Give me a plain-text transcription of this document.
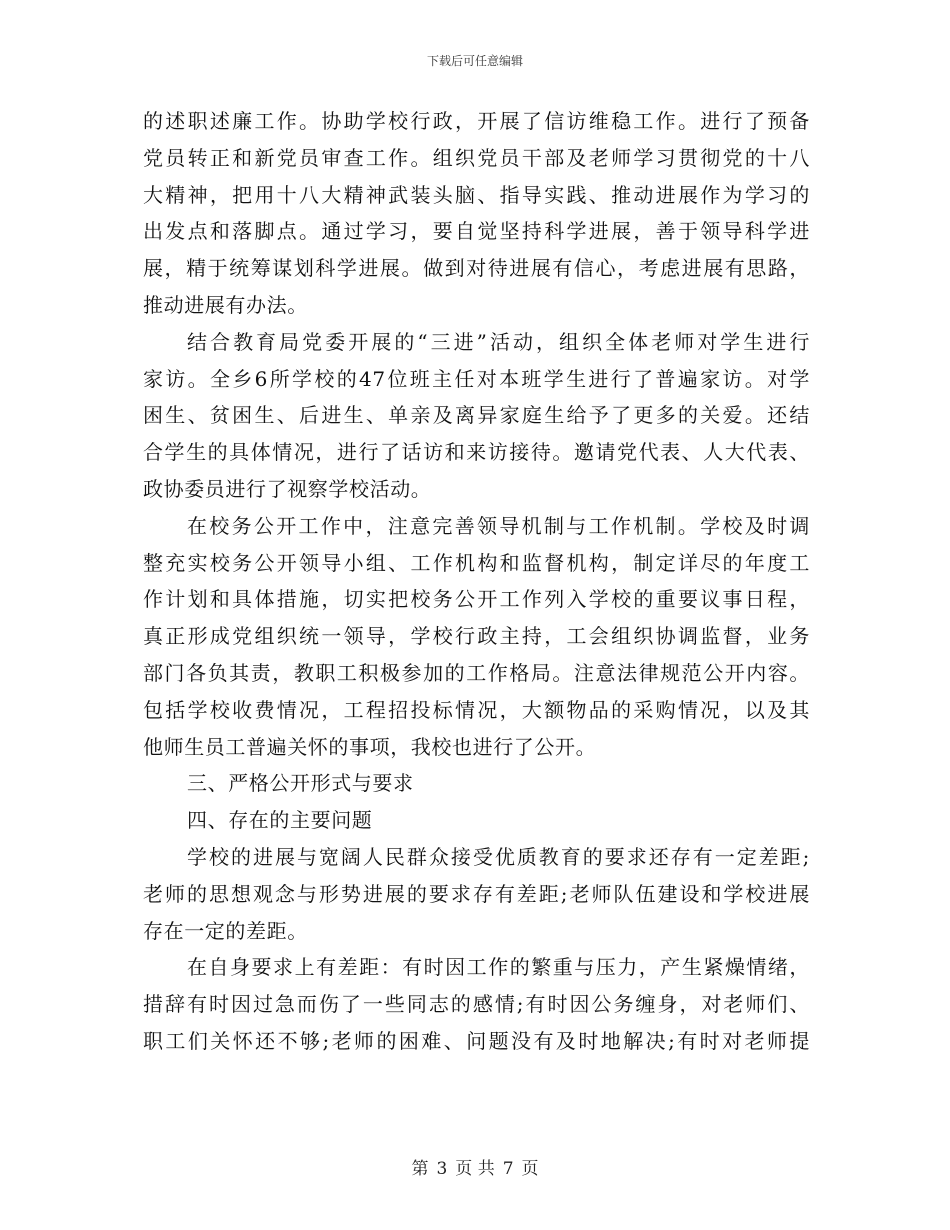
下载后可任意编辑
的述职述廉工作。协助学校行政，开展了信访维稳工作。进行了预备
党员转正和新党员审查工作。组织党员干部及老师学习贯彻党的十八
大精神，把用十八大精神武装头脑、指导实践、推动进展作为学习的
出发点和落脚点。通过学习，要自觉坚持科学进展，善于领导科学进
展，精于统筹谋划科学进展。做到对待进展有信心，考虑进展有思路，
推动进展有办法。
结合教育局党委开展的“三进”活动，组织全体老师对学生进行
家访。全乡6所学校的47位班主任对本班学生进行了普遍家访。对学
困生、贫困生、后进生、单亲及离异家庭生给予了更多的关爱。还结
合学生的具体情况，进行了话访和来访接待。邀请党代表、人大代表、
政协委员进行了视察学校活动。
在校务公开工作中，注意完善领导机制与工作机制。学校及时调
整充实校务公开领导小组、工作机构和监督机构，制定详尽的年度工
作计划和具体措施，切实把校务公开工作列入学校的重要议事日程，
真正形成党组织统一领导，学校行政主持，工会组织协调监督，业务
部门各负其责，教职工积极参加的工作格局。注意法律规范公开内容。
包括学校收费情况，工程招投标情况，大额物品的采购情况，以及其
他师生员工普遍关怀的事项，我校也进行了公开。
三、严格公开形式与要求
四、存在的主要问题
学校的进展与宽阔人民群众接受优质教育的要求还存有一定差距;
老师的思想观念与形势进展的要求存有差距;老师队伍建设和学校进展
存在一定的差距。
在自身要求上有差距：有时因工作的繁重与压力，产生紧燥情绪，
措辞有时因过急而伤了一些同志的感情;有时因公务缠身，对老师们、
职工们关怀还不够;老师的困难、问题没有及时地解决;有时对老师提
第 3 页 共 7 页
